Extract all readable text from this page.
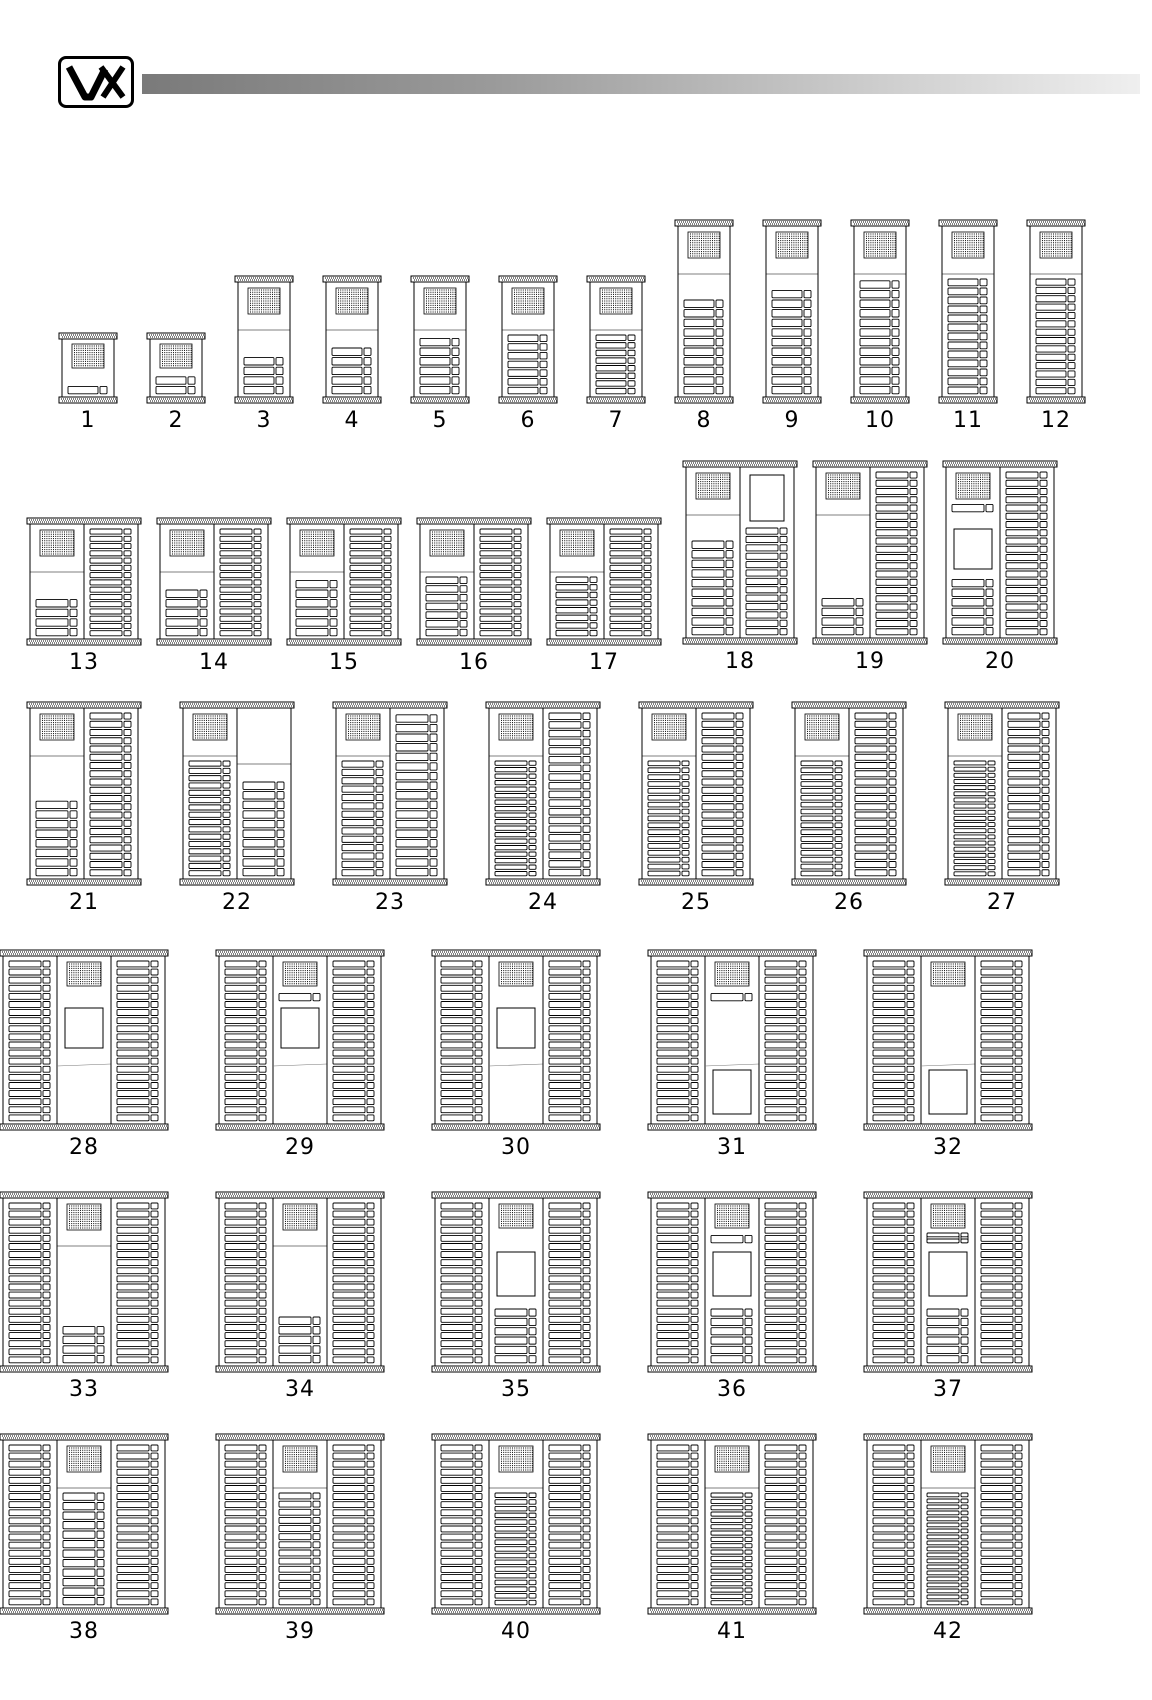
1	2	3	4	5	6	7	8	9	10	11	12
13	14	15	16	17	18	19	20
21	22	23	24	25	26	27
28	29	30	31	32
33	34	35	36	37
38	39	40	41	42
